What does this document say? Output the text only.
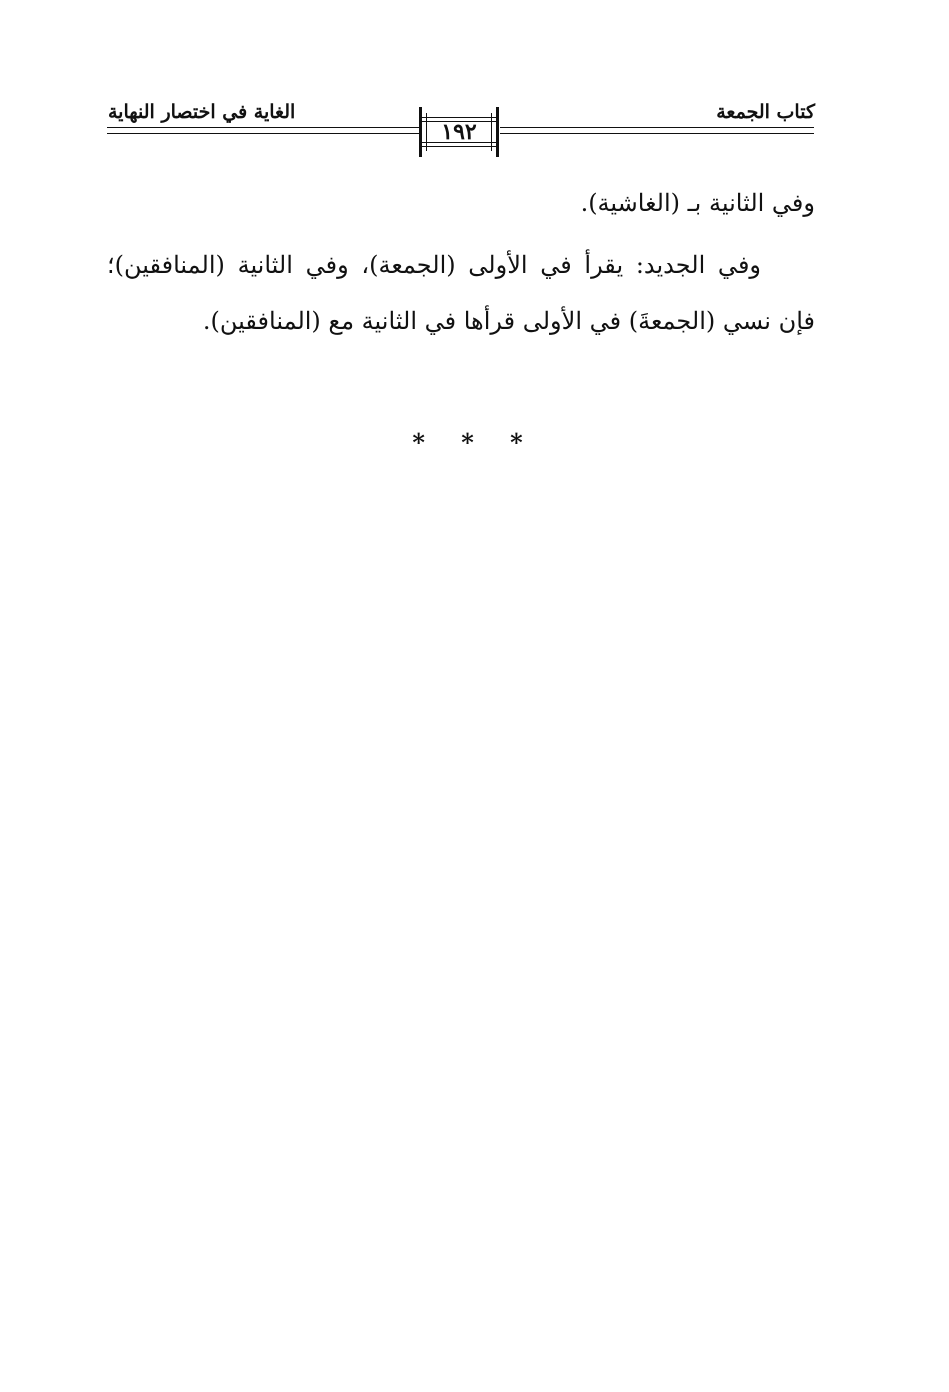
كتاب الجمعة
الغاية في اختصار النهاية
١٩٢

وفي الثانية بـ (الغاشية).

وفي الجديد: يقرأ في الأولى (الجمعة)، وفي الثانية (المنافقين)؛ فإن نسي (الجمعةَ) في الأولى قرأها في الثانية مع (المنافقين).

* * *
